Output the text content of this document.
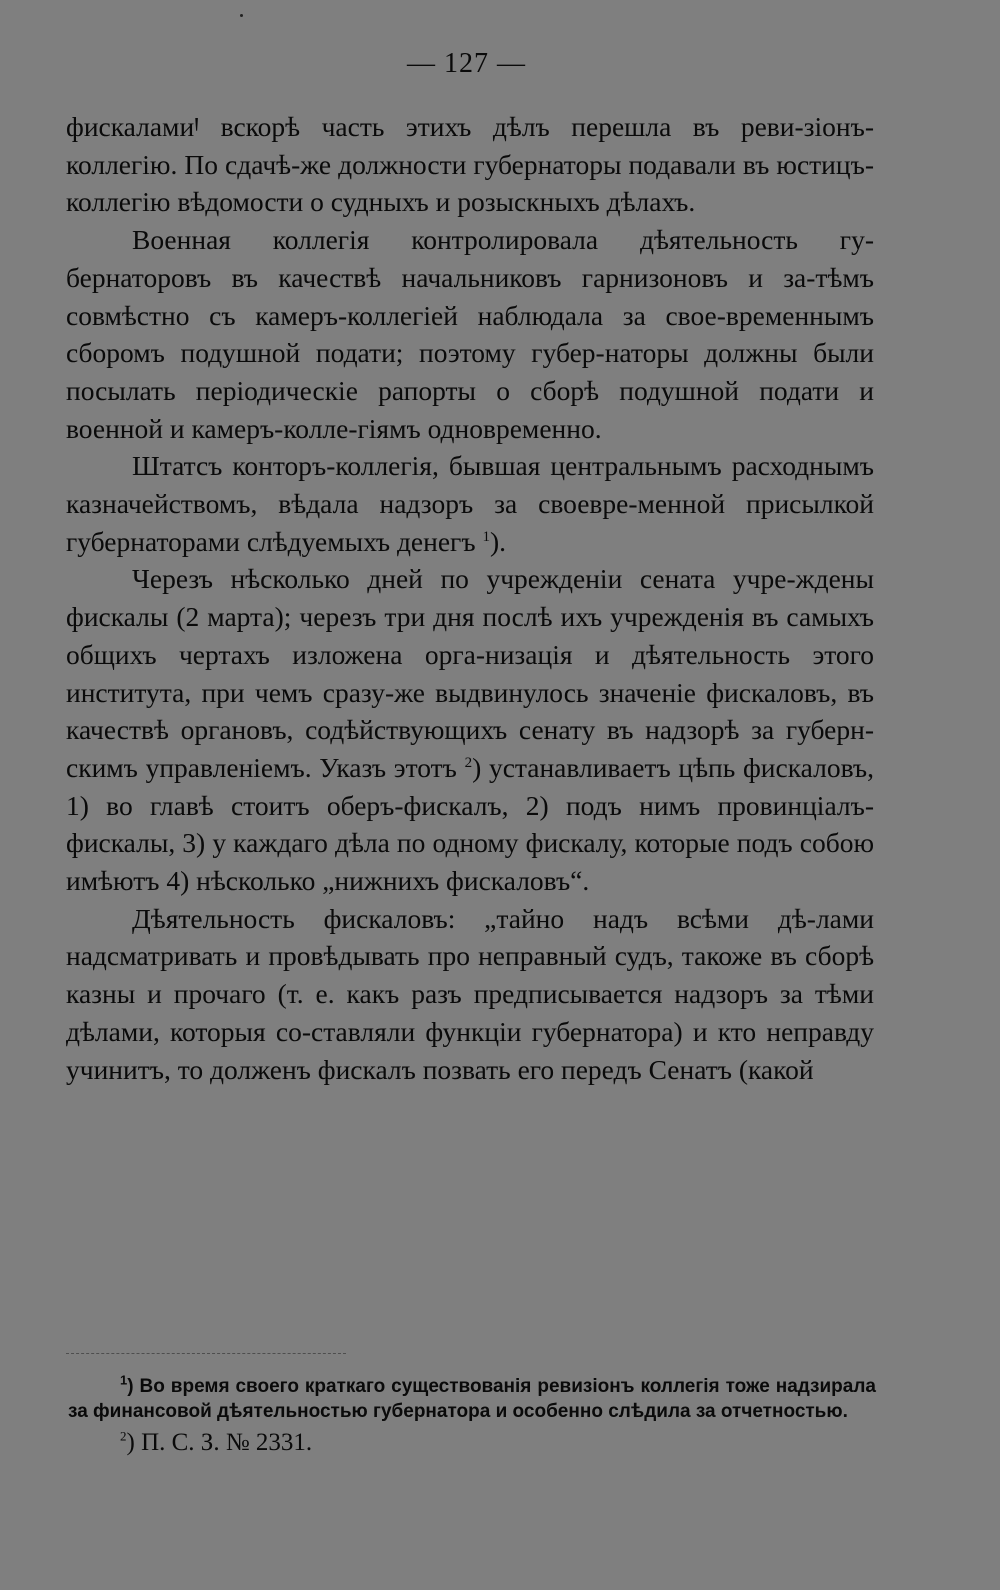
— 127 —

фискаламиꞋ вскорѣ часть этихъ дѣлъ перешла въ реви-зіонъ-коллегію. По сдачѣ-же должности губернаторы подавали въ юстицъ-коллегію вѣдомости о судныхъ и розыскныхъ дѣлахъ.

Военная коллегія контролировала дѣятельность гу-бернаторовъ въ качествѣ начальниковъ гарнизоновъ и за-тѣмъ совмѣстно съ камеръ-коллегіей наблюдала за свое-временнымъ сборомъ подушной подати; поэтому губер-наторы должны были посылать періодическіе рапорты о сборѣ подушной подати и военной и камеръ-колле-гіямъ одновременно.

Штатсъ конторъ-коллегія, бывшая центральнымъ расходнымъ казначействомъ, вѣдала надзоръ за своевре-менной присылкой губернаторами слѣдуемыхъ денегъ $^1$).

Черезъ нѣсколько дней по учрежденіи сената учре-ждены фискалы (2 марта); черезъ три дня послѣ ихъ учрежденія въ самыхъ общихъ чертахъ изложена орга-низація и дѣятельность этого института, при чемъ сразу-же выдвинулось значеніе фискаловъ, въ качествѣ органовъ, содѣйствующихъ сенату въ надзорѣ за губерн-скимъ управленіемъ. Указъ этотъ $^2$) устанавливаетъ цѣпь фискаловъ, 1) во главѣ стоитъ оберъ-фискалъ, 2) подъ нимъ провинціалъ-фискалы, 3) у каждаго дѣла по одному фискалу, которые подъ собою имѣютъ 4) нѣсколько „нижнихъ фискаловъ“.

Дѣятельность фискаловъ: „тайно надъ всѣми дѣ-лами надсматривать и провѣдывать про неправный судъ, такоже въ сборѣ казны и прочаго (т. е. какъ разъ предписывается надзоръ за тѣми дѣлами, которыя со-ставляли функціи губернатора) и кто неправду учинитъ, то долженъ фискалъ позвать его передъ Сенатъ (какой

$^1$) Во время своего краткаго существованія ревизіонъ коллегія тоже надзирала за финансовой дѣятельностью губернатора и особенно слѣдила за отчетностью.

$^2$) П. С. З. № 2331.
